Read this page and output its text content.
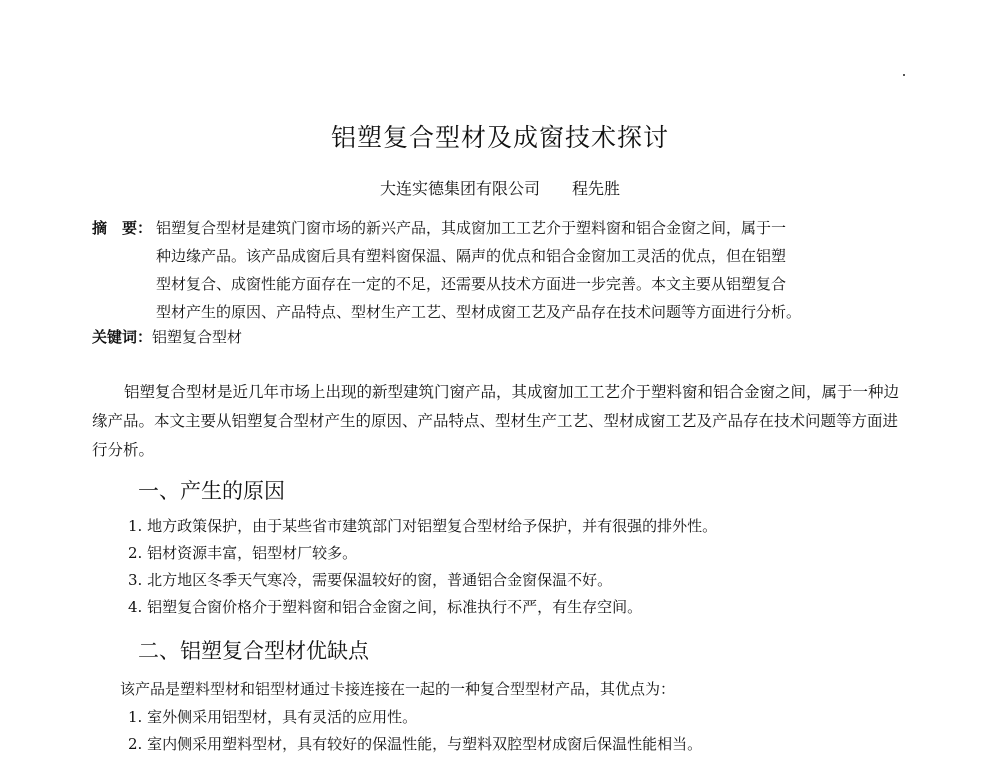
铝塑复合型材及成窗技术探讨
大连实德集团有限公司 程先胜
摘　要： 铝塑复合型材是建筑门窗市场的新兴产品，其成窗加工工艺介于塑料窗和铝合金窗之间，属于一

种边缘产品。该产品成窗后具有塑料窗保温、隔声的优点和铝合金窗加工灵活的优点，但在铝塑

型材复合、成窗性能方面存在一定的不足，还需要从技术方面进一步完善。本文主要从铝塑复合

型材产生的原因、产品特点、型材生产工艺、型材成窗工艺及产品存在技术问题等方面进行分析。

关键词：铝塑复合型材

铝塑复合型材是近几年市场上出现的新型建筑门窗产品，其成窗加工工艺介于塑料窗和铝合金窗之间，属于一种边缘产品。本文主要从铝塑复合型材产生的原因、产品特点、型材生产工艺、型材成窗工艺及产品存在技术问题等方面进行分析。

一、产生的原因
1. 地方政策保护，由于某些省市建筑部门对铝塑复合型材给予保护，并有很强的排外性。
2. 铝材资源丰富，铝型材厂较多。
3. 北方地区冬季天气寒冷，需要保温较好的窗，普通铝合金窗保温不好。
4. 铝塑复合窗价格介于塑料窗和铝合金窗之间，标准执行不严，有生存空间。
二、铝塑复合型材优缺点
该产品是塑料型材和铝型材通过卡接连接在一起的一种复合型型材产品，其优点为：
1. 室外侧采用铝型材，具有灵活的应用性。
2. 室内侧采用塑料型材，具有较好的保温性能，与塑料双腔型材成窗后保温性能相当。
